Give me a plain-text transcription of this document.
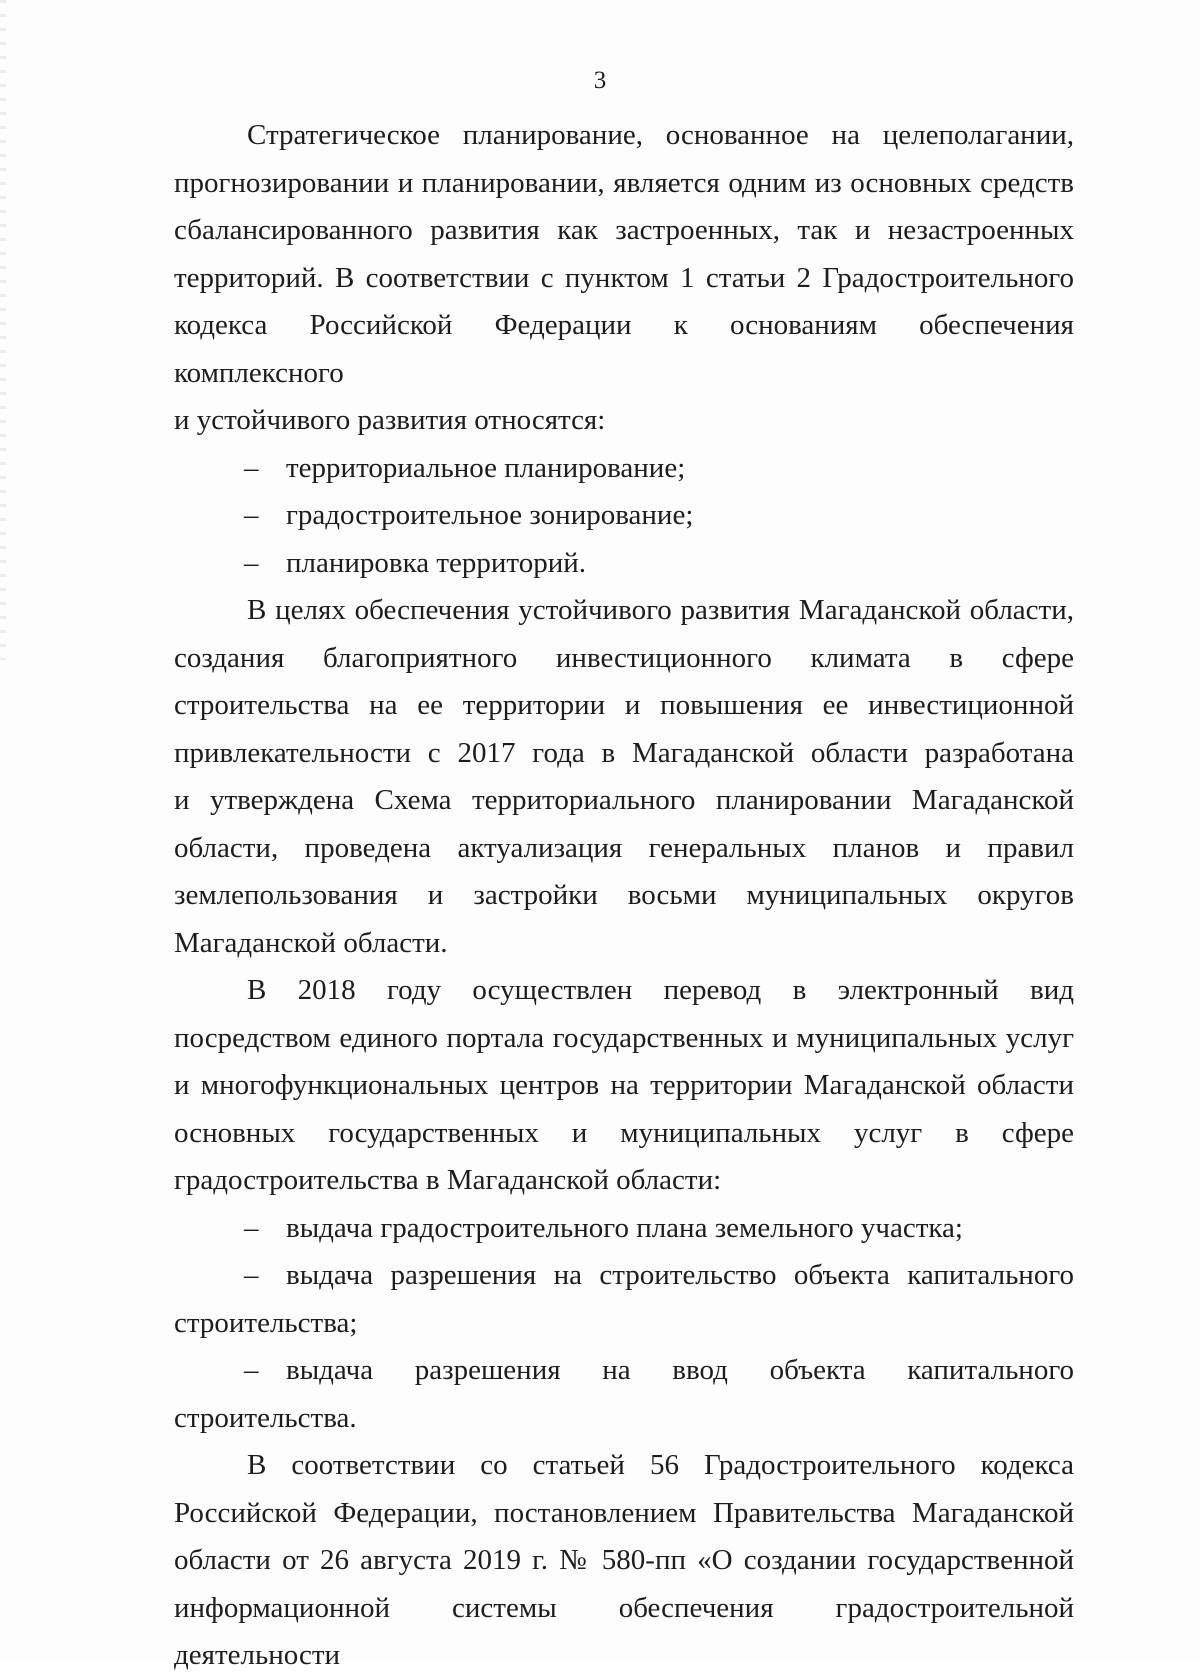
3
Стратегическое планирование, основанное на целеполагании,
прогнозировании и планировании, является одним из основных средств
сбалансированного развития как застроенных, так и незастроенных
территорий. В соответствии с пунктом 1 статьи 2 Градостроительного
кодекса Российской Федерации к основаниям обеспечения комплексного
и устойчивого развития относятся:
– территориальное планирование;
– градостроительное зонирование;
– планировка территорий.
В целях обеспечения устойчивого развития Магаданской области,
создания благоприятного инвестиционного климата в сфере
строительства на ее территории и повышения ее инвестиционной
привлекательности с 2017 года в Магаданской области разработана
и утверждена Схема территориального планировании Магаданской
области, проведена актуализация генеральных планов и правил
землепользования и застройки восьми муниципальных округов
Магаданской области.
В 2018 году осуществлен перевод в электронный вид
посредством единого портала государственных и муниципальных услуг
и многофункциональных центров на территории Магаданской области
основных государственных и муниципальных услуг в сфере
градостроительства в Магаданской области:
– выдача градостроительного плана земельного участка;
– выдача разрешения на строительство объекта капитального
строительства;
– выдача разрешения на ввод объекта капитального строительства.
В соответствии со статьей 56 Градостроительного кодекса
Российской Федерации, постановлением Правительства Магаданской
области от 26 августа 2019 г. № 580-пп «О создании государственной
информационной системы обеспечения градостроительной деятельности
